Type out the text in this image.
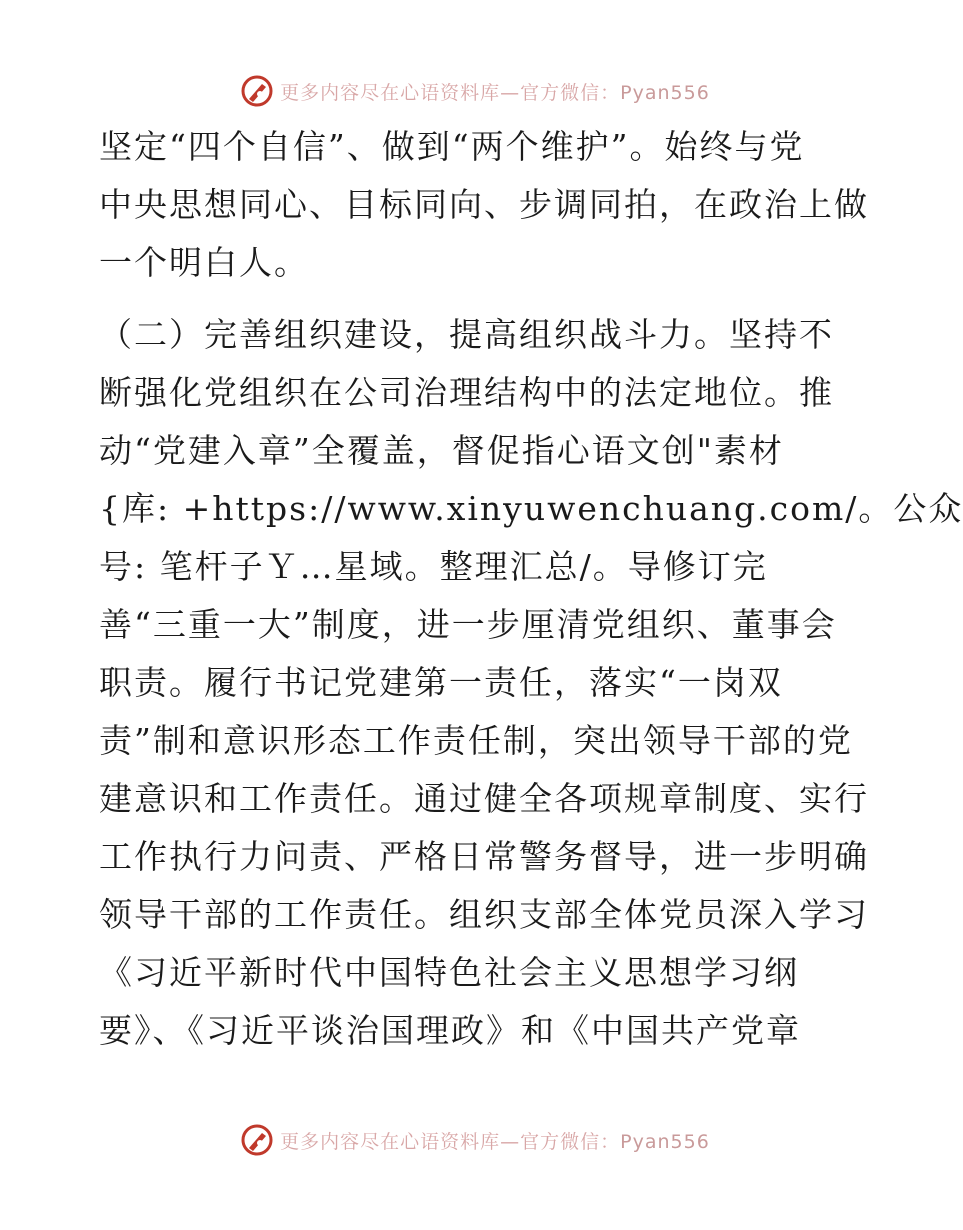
更多内容尽在心语资料库—官方微信：Pyan556
坚定“四个自信”、做到“两个维护”。始终与党
中央思想同心、目标同向、步调同拍，在政治上做
一个明白人。
（二）完善组织建设，提高组织战斗力。坚持不
断强化党组织在公司治理结构中的法定地位。推
动“党建入章”全覆盖，督促指心语文创"素材
{库: +https://www.xinyuwenchuang.com/。公众
号: 笔杆子Ｙ…星域。整理汇总/。导修订完
善“三重一大”制度，进一步厘清党组织、董事会
职责。履行书记党建第一责任，落实“一岗双
责”制和意识形态工作责任制，突出领导干部的党
建意识和工作责任。通过健全各项规章制度、实行
工作执行力问责、严格日常警务督导，进一步明确
领导干部的工作责任。组织支部全体党员深入学习
《习近平新时代中国特色社会主义思想学习纲
要》、《习近平谈治国理政》和《中国共产党章
更多内容尽在心语资料库—官方微信：Pyan556
